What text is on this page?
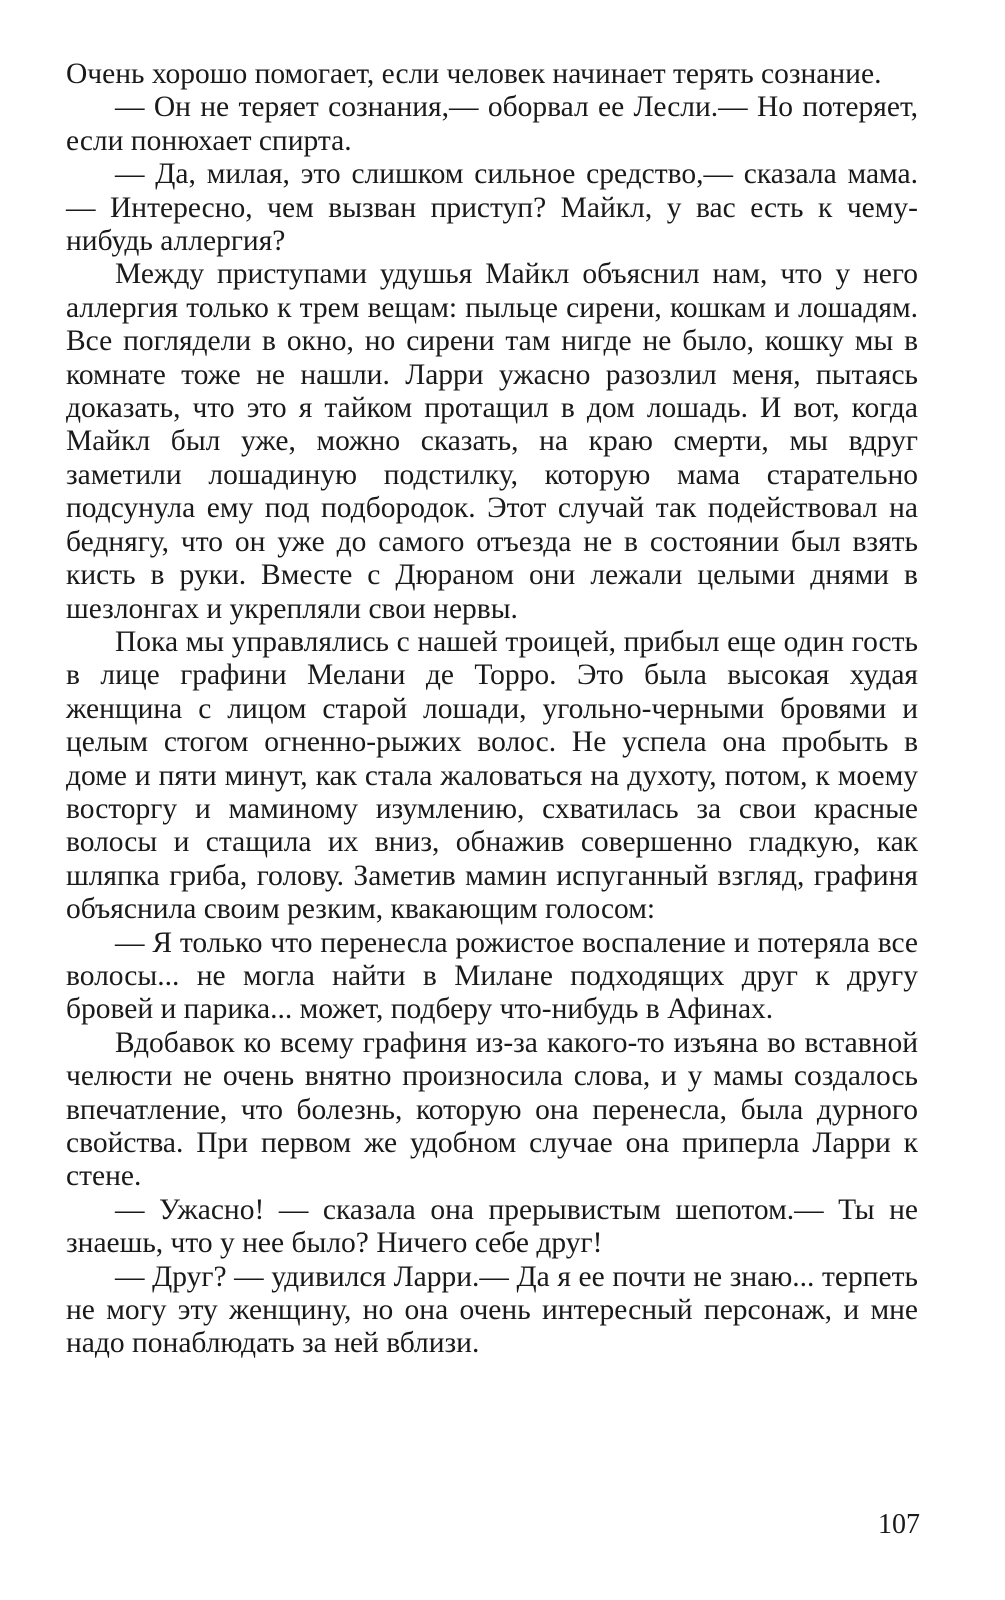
Очень хорошо помогает, если человек начинает терять сознание.

— Он не теряет сознания,— оборвал ее Лесли.— Но потеряет, если понюхает спирта.

— Да, милая, это слишком сильное средство,— сказала мама.— Интересно, чем вызван приступ? Майкл, у вас есть к чему-нибудь аллергия?

Между приступами удушья Майкл объяснил нам, что у него аллергия только к трем вещам: пыльце сирени, кошкам и лошадям. Все поглядели в окно, но сирени там нигде не было, кошку мы в комнате тоже не нашли. Ларри ужасно разозлил меня, пытаясь доказать, что это я тайком протащил в дом лошадь. И вот, когда Майкл был уже, можно сказать, на краю смерти, мы вдруг заметили лошадиную подстилку, которую мама старательно подсунула ему под подбородок. Этот случай так подействовал на беднягу, что он уже до самого отъезда не в состоянии был взять кисть в руки. Вместе с Дюраном они лежали целыми днями в шезлонгах и укрепляли свои нервы.

Пока мы управлялись с нашей троицей, прибыл еще один гость в лице графини Мелани де Торро. Это была высокая худая женщина с лицом старой лошади, угольно-черными бровями и целым стогом огненно-рыжих волос. Не успела она пробыть в доме и пяти минут, как стала жаловаться на духоту, потом, к моему восторгу и маминому изумлению, схватилась за свои красные волосы и стащила их вниз, обнажив совершенно гладкую, как шляпка гриба, голову. Заметив мамин испуганный взгляд, графиня объяснила своим резким, квакающим голосом:

— Я только что перенесла рожистое воспаление и потеряла все волосы... не могла найти в Милане подходящих друг к другу бровей и парика... может, подберу что-нибудь в Афинах.

Вдобавок ко всему графиня из-за какого-то изъяна во вставной челюсти не очень внятно произносила слова, и у мамы создалось впечатление, что болезнь, которую она перенесла, была дурного свойства. При первом же удобном случае она приперла Ларри к стене.

— Ужасно! — сказала она прерывистым шепотом.— Ты не знаешь, что у нее было? Ничего себе друг!

— Друг? — удивился Ларри.— Да я ее почти не знаю... терпеть не могу эту женщину, но она очень интересный персонаж, и мне надо понаблюдать за ней вблизи.

107
